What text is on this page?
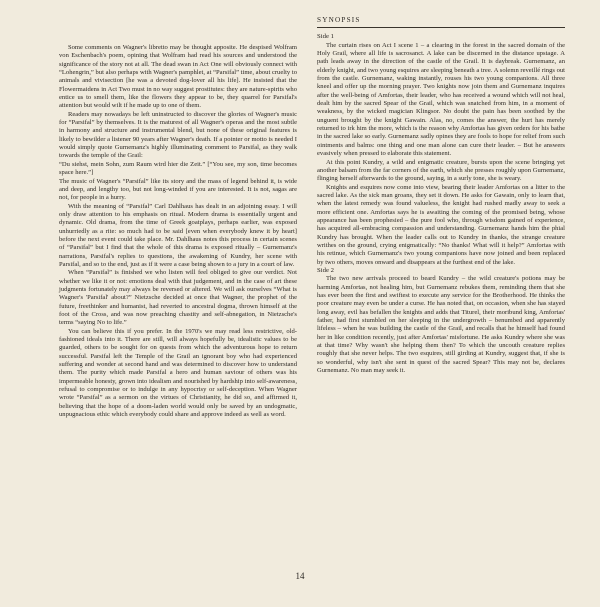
Some comments on Wagner's libretto may be thought apposite. He despised Wolfram von Eschenbach's poem, opining that Wolfram had read his sources and understood the significance of the story not at all. The dead swan in Act One will obviously connect with “Lohengrin,” but also perhaps with Wagner's pamphlet, at “Parsifal” time, about cruelty to animals and vivisection [he was a devoted dog-lover all his life]. He insisted that the Flowermaidens in Act Two must in no way suggest prostitutes: they are nature-spirits who entice us to smell them, like the flowers they appear to be, they quarrel for Parsifal's attention but would wilt if he made up to one of them.

Readers may nowadays be left uninstructed to discover the glories of Wagner's music for “Parsifal” by themselves. It is the maturest of all Wagner's operas and the most subtle in harmony and structure and instrumental blend, but none of these original features is likely to bewilder a listener 90 years after Wagner's death. If a pointer or motto is needed I would simply quote Gurnemanz's highly illuminating comment to Parsifal, as they walk towards the temple of the Grail:

“Du siehst, mein Sohn, zum Raum wird hier die Zeit.” [“You see, my son, time becomes space here.”]

The music of Wagner's “Parsifal” like its story and the mass of legend behind it, is wide and deep, and lengthy too, but not long-winded if you are interested. It is not, sagas are not, for people in a hurry.

With the meaning of “Parsifal” Carl Dahlhaus has dealt in an adjoining essay. I will only draw attention to his emphasis on ritual. Modern drama is essentially urgent and dynamic. Old drama, from the time of Greek goatplays, perhaps earlier, was exposed unhurriedly as a rite: so much had to be said [even when everybody knew it by heart] before the next event could take place. Mr. Dahlhaus notes this process in certain scenes of “Parsifal” but I find that the whole of this drama is exposed ritually – Gurnemanz's narrations, Parsifal's replies to questions, the awakening of Kundry, her scene with Parsifal, and so to the end, just as if it were a case being shown to a jury in a court of law.

When “Parsifal” is finished we who listen will feel obliged to give our verdict. Not whether we like it or not: emotions deal with that judgement, and in the case of art these judgments fortunately may always be reversed or altered. We will ask ourselves “What is Wagner's 'Parsifal' about?” Nietzsche decided at once that Wagner, the prophet of the future, freethinker and humanist, had reverted to ancestral dogma, thrown himself at the foot of the Cross, and was now preaching chastity and self-abnegation, in Nietzsche's terms “saying No to life.”

You can believe this if you prefer. In the 1970's we may read less restrictive, old-fashioned ideals into it. There are still, will always hopefully be, idealistic values to be guarded, others to be sought for on quests from which the adventurous hope to return successful. Parsifal left the Temple of the Grail an ignorant boy who had experienced suffering and wonder at second hand and was determined to discover how to understand them. The purity which made Parsifal a hero and human saviour of others was his impermeable honesty, grown into idealism and nourished by hardship into self-awareness, refusal to compromise or to indulge in any hypocrisy or self-deception. When Wagner wrote “Parsifal” as a sermon on the virtues of Christianity, he did so, and affirmed it, believing that the hope of a doom-laden world would only be saved by an undogmatic, unpugnacious ethic which everybody could share and approve indeed as well as word.

SYNOPSIS

Side 1

The curtain rises on Act I scene 1 – a clearing in the forest in the sacred domain of the Holy Grail, where all life is sacrosanct. A lake can be discerned in the distance upstage. A path leads away in the direction of the castle of the Grail. It is daybreak. Gurnemanz, an elderly knight, and two young esquires are sleeping beneath a tree. A solemn reveillé rings out from the castle. Gurnemanz, waking instantly, rouses his two young companions. All three kneel and offer up the morning prayer. Two knights now join them and Gurnemanz inquires after the well-being of Amfortas, their leader, who has received a wound which will not heal, dealt him by the sacred Spear of the Grail, which was snatched from him, in a moment of weakness, by the wicked magician Klingsor. No doubt the pain has been soothed by the unguent brought by the knight Gawain. Alas, no, comes the answer, the hurt has merely returned to irk him the more, which is the reason why Amfortas has given orders for his bathe in the sacred lake so early. Gurnemanz sadly opines they are fools to hope for relief from such ointments and balms: one thing and one man alone can cure their leader. – But he answers evasively when pressed to elaborate this statement.

At this point Kundry, a wild and enigmatic creature, bursts upon the scene bringing yet another balsam from the far corners of the earth, which she presses roughly upon Gurnemanz, flinging herself afterwards to the ground, saying, in a surly tone, she is weary.

Knights and esquires now come into view, bearing their leader Amfortas on a litter to the sacred lake. As the sick man groans, they set it down. He asks for Gawain, only to learn that, when the latest remedy was found valueless, the knight had rushed madly away to seek a more efficient one. Amfortas says he is awaiting the coming of the promised being, whose appearance has been prophesied – the pure fool who, through wisdom gained of experience, has acquired all-embracing compassion and understanding. Gurnemanz hands him the phial Kundry has brought. When the leader calls out to Kundry in thanks, the strange creature writhes on the ground, crying enigmatically: “No thanks! What will it help?” Amfortas with his retinue, which Gurnemanz's two young companions have now joined and been replaced by two others, moves onward and disappears at the furthest end of the lake.

Side 2

The two new arrivals proceed to beard Kundry – the wild creature's potions may be harming Amfortas, not healing him, but Gurnemanz rebukes them, reminding them that she has ever been the first and swiftest to execute any service for the Brotherhood. He thinks the poor creature may even be under a curse. He has noted that, on occasion, when she has stayed long away, evil has befallen the knights and adds that Titurel, their moribund king, Amfortas' father, had first stumbled on her sleeping in the undergrowth – benumbed and apparently lifeless – when he was building the castle of the Grail, and recalls that he himself had found her in like condition recently, just after Amfortas' misfortune. He asks Kundry where she was at that time? Why wasn't she helping them then? To which the uncouth creature replies roughly that she never helps. The two esquires, still girding at Kundry, suggest that, if she is so wonderful, why isn't she sent in quest of the sacred Spear? This may not be, declares Gurnemanz. No man may seek it.

14
